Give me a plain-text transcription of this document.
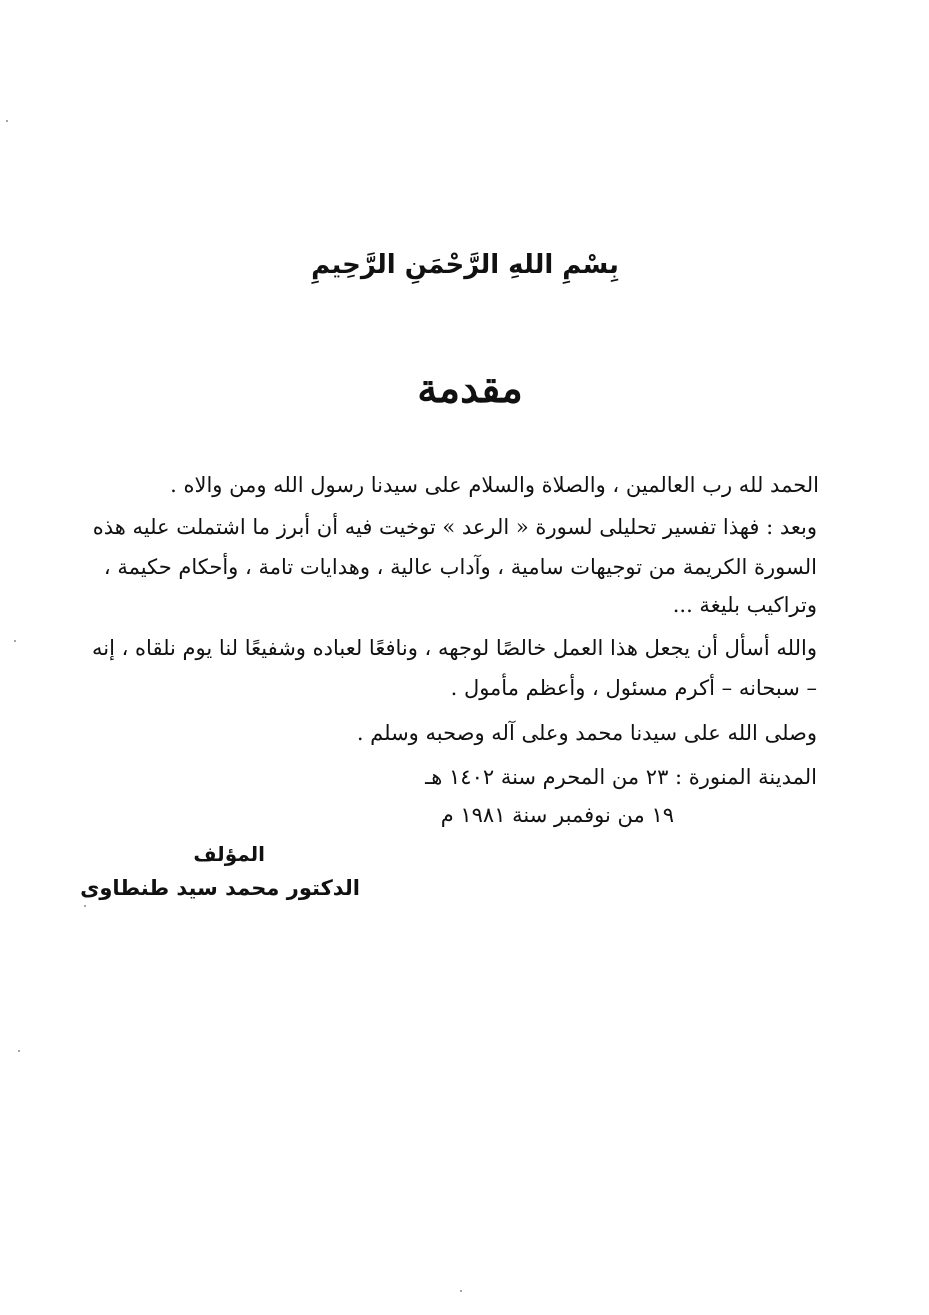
بِسْمِ اللهِ الرَّحْمَنِ الرَّحِيمِ
مقدمة
الحمد لله رب العالمين ، والصلاة والسلام على سيدنا رسول الله ومن والاه .
وبعد : فهذا تفسير تحليلى لسورة « الرعد » توخيت فيه أن أبرز ما اشتملت عليه هذه
السورة الكريمة من توجيهات سامية ، وآداب عالية ، وهدايات تامة ، وأحكام حكيمة ،
وتراكيب بليغة ...
والله أسأل أن يجعل هذا العمل خالصًا لوجهه ، ونافعًا لعباده وشفيعًا لنا يوم نلقاه ، إنه
– سبحانه – أكرم مسئول ، وأعظم مأمول .
وصلى الله على سيدنا محمد وعلى آله وصحبه وسلم .
المدينة المنورة : ٢٣ من المحرم سنة ١٤٠٢ هـ
١٩ من نوفمبر سنة ١٩٨١ م
المؤلف
الدكتور محمد سيد طنطاوى
